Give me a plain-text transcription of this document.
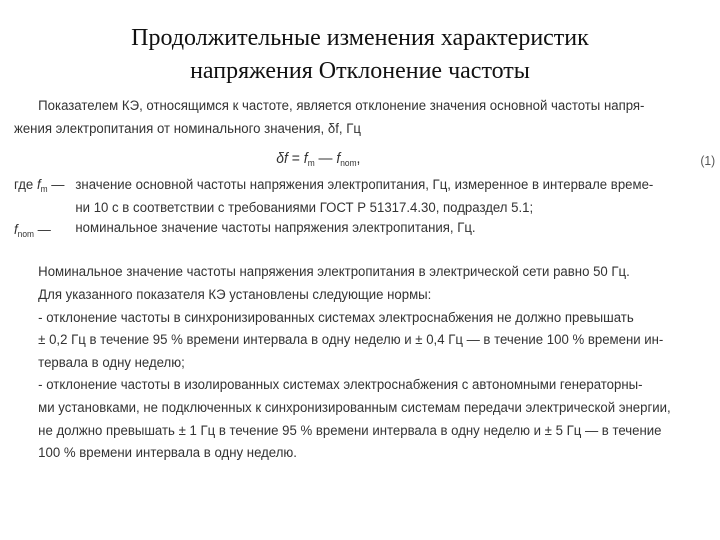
Продолжительные изменения характеристик
напряжения Отклонение частоты
Показателем КЭ, относящимся к частоте, является отклонение значения основной частоты напря-
жения электропитания от номинального значения, δf, Гц
$\delta f = f_m$ — $f_{nom}$,	(1)
где $f_m$ — значение основной частоты напряжения электропитания, Гц, измеренное в интервале време-
ни 10 с в соответствии с требованиями ГОСТ Р 51317.4.30, подраздел 5.1;
$f_{nom}$ — номинальное значение частоты напряжения электропитания, Гц.
Номинальное значение частоты напряжения электропитания в электрической сети равно 50 Гц.
Для указанного показателя КЭ установлены следующие нормы:
- отклонение частоты в синхронизированных системах электроснабжения не должно превышать
± 0,2 Гц в течение 95 % времени интервала в одну неделю и ± 0,4 Гц — в течение 100 % времени ин-
тервала в одну неделю;
- отклонение частоты в изолированных системах электроснабжения с автономными генераторны-
ми установками, не подключенных к синхронизированным системам передачи электрической энергии,
не должно превышать ± 1 Гц в течение 95 % времени интервала в одну неделю и ± 5 Гц — в течение
100 % времени интервала в одну неделю.
